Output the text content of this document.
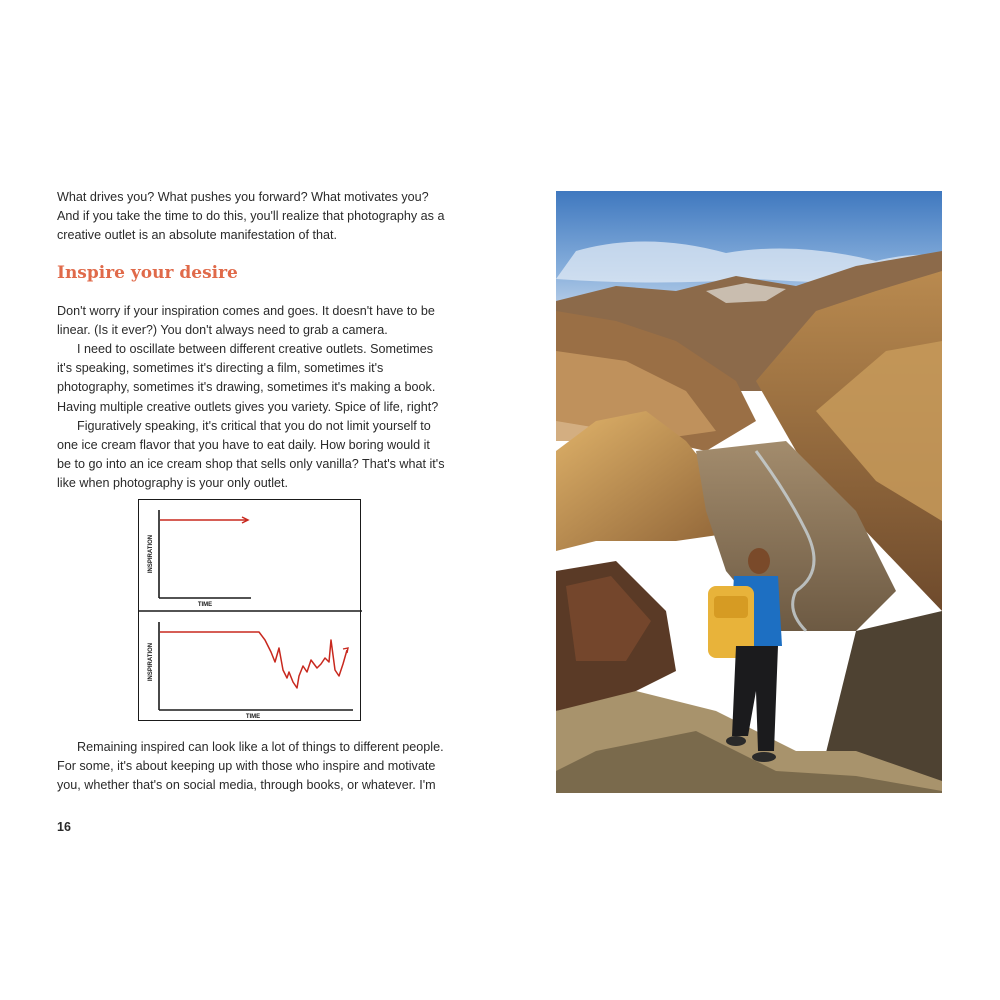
What drives you? What pushes you forward? What motivates you? And if you take the time to do this, you'll realize that photography as a creative outlet is an absolute manifestation of that.

Inspire your desire

Don't worry if your inspiration comes and goes. It doesn't have to be linear. (Is it ever?) You don't always need to grab a camera.

I need to oscillate between different creative outlets. Sometimes it's speaking, sometimes it's directing a film, sometimes it's photography, sometimes it's drawing, sometimes it's making a book. Having multiple creative outlets gives you variety. Spice of life, right?

Figuratively speaking, it's critical that you do not limit yourself to one ice cream flavor that you have to eat daily. How boring would it be to go into an ice cream shop that sells only vanilla? That's what it's like when photography is your only outlet.

INSPIRATION
TIME
INSPIRATION
TIME

Remaining inspired can look like a lot of things to different people. For some, it's about keeping up with those who inspire and motivate you, whether that's on social media, through books, or whatever. I'm

16
